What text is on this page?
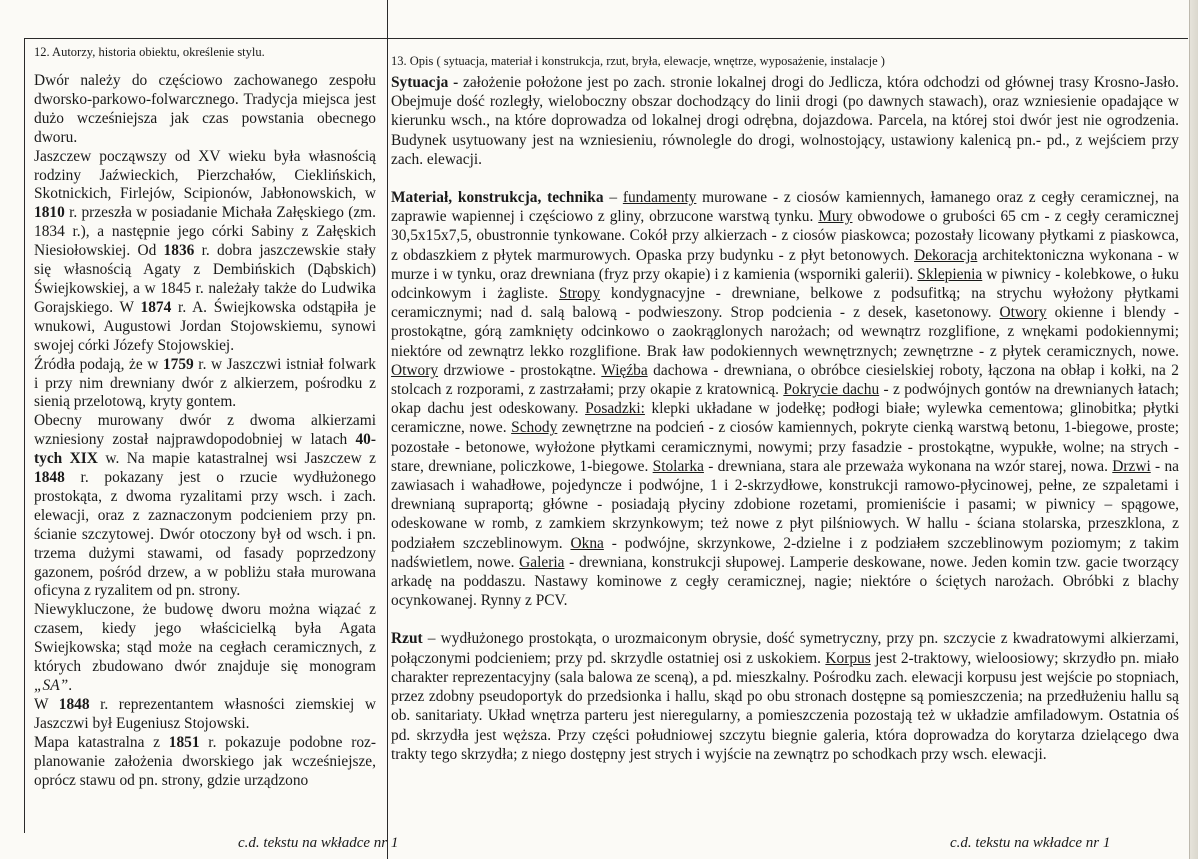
12. Autorzy, historia obiektu, określenie stylu.

Dwór należy do częściowo zachowanego zespołu dworsko-parkowo-folwarcznego. Tradycja miejsca jest dużo wcześniejsza jak czas powstania obecnego dworu.

Jaszczew począwszy od XV wieku była własnością rodziny Jaźwieckich, Pierzchałów, Cieklińskich, Skotnickich, Firlejów, Scipionów, Jabłonowskich, w 1810 r. przeszła w posiadanie Michała Załęskiego (zm. 1834 r.), a następnie jego córki Sabiny z Załęskich Niesiołowskiej. Od 1836 r. dobra jaszczewskie stały się własnością Agaty z Dembińskich (Dąbskich) Świejkowskiej, a w 1845 r. należały także do Ludwika Gorajskiego. W 1874 r. A. Świejkowska odstąpiła je wnukowi, Augustowi Jordan Stojowskiemu, synowi swojej córki Józefy Stojowskiej.

Źródła podają, że w 1759 r. w Jaszczwi istniał folwark i przy nim drewniany dwór z alkierzem, pośrodku z sienią przelotową, kryty gontem.

Obecny murowany dwór z dwoma alkierzami wzniesiony został najprawdopodobniej w latach 40-tych XIX w. Na mapie katastralnej wsi Jaszczew z 1848 r. pokazany jest o rzucie wydłużonego prostokąta, z dwoma ryzalitami przy wsch. i zach. elewacji, oraz z zaznaczonym podcieniem przy pn. ścianie szczytowej. Dwór otoczony był od wsch. i pn. trzema dużymi stawami, od fasady poprzedzony gazonem, pośród drzew, a w pobliżu stała murowana oficyna z ryzalitem od pn. strony.

Niewykluczone, że budowę dworu można wiązać z czasem, kiedy jego właścicielką była Agata Swiejkowska; stąd może na cegłach ceramicznych, z których zbudowano dwór znajduje się monogram „SA”.

W 1848 r. reprezentantem własności ziemskiej w Jaszczwi był Eugeniusz Stojowski.

Mapa katastralna z 1851 r. pokazuje podobne rozplanowanie założenia dworskiego jak wcześniejsze, oprócz stawu od pn. strony, gdzie urządzono

c.d. tekstu na wkładce nr 1
13. Opis ( sytuacja, materiał i konstrukcja, rzut, bryła, elewacje, wnętrze, wyposażenie, instalacje )

Sytuacja - założenie położone jest po zach. stronie lokalnej drogi do Jedlicza, która odchodzi od głównej trasy Krosno-Jasło. Obejmuje dość rozległy, wieloboczny obszar dochodzący do linii drogi (po dawnych stawach), oraz wzniesienie opadające w kierunku wsch., na które doprowadza od lokalnej drogi odrębna, dojazdowa. Parcela, na której stoi dwór jest nie ogrodzenia. Budynek usytuowany jest na wzniesieniu, równolegle do drogi, wolnostojący, ustawiony kalenicą pn.- pd., z wejściem przy zach. elewacji.

Materiał, konstrukcja, technika – fundamenty murowane - z ciosów kamiennych, łamanego oraz z cegły ceramicznej, na zaprawie wapiennej i częściowo z gliny, obrzucone warstwą tynku. Mury obwodowe o grubości 65 cm - z cegły ceramicznej 30,5x15x7,5, obustronnie tynkowane. Cokół przy alkierzach - z ciosów piaskowca; pozostały licowany płytkami z piaskowca, z obdaszkiem z płytek marmurowych. Opaska przy budynku - z płyt betonowych. Dekoracja architektoniczna wykonana - w murze i w tynku, oraz drewniana (fryz przy okapie) i z kamienia (wsporniki galerii). Sklepienia w piwnicy - kolebkowe, o łuku odcinkowym i żagliste. Stropy kondygnacyjne - drewniane, belkowe z podsufitką; na strychu wyłożony płytkami ceramicznymi; nad d. salą balową - podwieszony. Strop podcienia - z desek, kasetonowy. Otwory okienne i blendy - prostokątne, górą zamknięty odcinkowo o zaokrąglonych narożach; od wewnątrz rozglifione, z wnękami podokiennymi; niektóre od zewnątrz lekko rozglifione. Brak ław podokiennych wewnętrznych; zewnętrzne - z płytek ceramicznych, nowe. Otwory drzwiowe - prostokątne. Więźba dachowa - drewniana, o obróbce ciesielskiej roboty, łączona na obłap i kołki, na 2 stolcach z rozporami, z zastrzałami; przy okapie z kratownicą. Pokrycie dachu - z podwójnych gontów na drewnianych łatach; okap dachu jest odeskowany. Posadzki: klepki układane w jodełkę; podłogi białe; wylewka cementowa; glinobitka; płytki ceramiczne, nowe. Schody zewnętrzne na podcień - z ciosów kamiennych, pokryte cienką warstwą betonu, 1-biegowe, proste; pozostałe - betonowe, wyłożone płytkami ceramicznymi, nowymi; przy fasadzie - prostokątne, wypukłe, wolne; na strych - stare, drewniane, policzkowe, 1-biegowe. Stolarka - drewniana, stara ale przeważa wykonana na wzór starej, nowa. Drzwi - na zawiasach i wahadłowe, pojedyncze i podwójne, 1 i 2-skrzydłowe, konstrukcji ramowo-płycinowej, pełne, ze szpaletami i drewnianą supraportą; główne - posiadają płyciny zdobione rozetami, promieniście i pasami; w piwnicy – spągowe, odeskowane w romb, z zamkiem skrzynkowym; też nowe z płyt pilśniowych. W hallu - ściana stolarska, przeszklona, z podziałem szczeblinowym. Okna - podwójne, skrzynkowe, 2-dzielne i z podziałem szczeblinowym poziomym; z takim nadświetlem, nowe. Galeria - drewniana, konstrukcji słupowej. Lamperie deskowane, nowe. Jeden komin tzw. gacie tworzący arkadę na poddaszu. Nastawy kominowe z cegły ceramicznej, nagie; niektóre o ściętych narożach. Obróbki z blachy ocynkowanej. Rynny z PCV.

Rzut – wydłużonego prostokąta, o urozmaiconym obrysie, dość symetryczny, przy pn. szczycie z kwadratowymi alkierzami, połączonymi podcieniem; przy pd. skrzydle ostatniej osi z uskokiem. Korpus jest 2-traktowy, wieloosiowy; skrzydło pn. miało charakter reprezentacyjny (sala balowa ze sceną), a pd. mieszkalny. Pośrodku zach. elewacji korpusu jest wejście po stopniach, przez zdobny pseudoportyk do przedsionka i hallu, skąd po obu stronach dostępne są pomieszczenia; na przedłużeniu hallu są ob. sanitariaty. Układ wnętrza parteru jest nieregularny, a pomieszczenia pozostają też w układzie amfiladowym. Ostatnia oś pd. skrzydła jest węższa. Przy części południowej szczytu biegnie galeria, która doprowadza do korytarza dzielącego dwa trakty tego skrzydła; z niego dostępny jest strych i wyjście na zewnątrz po schodkach przy wsch. elewacji.

c.d. tekstu na wkładce nr 1
